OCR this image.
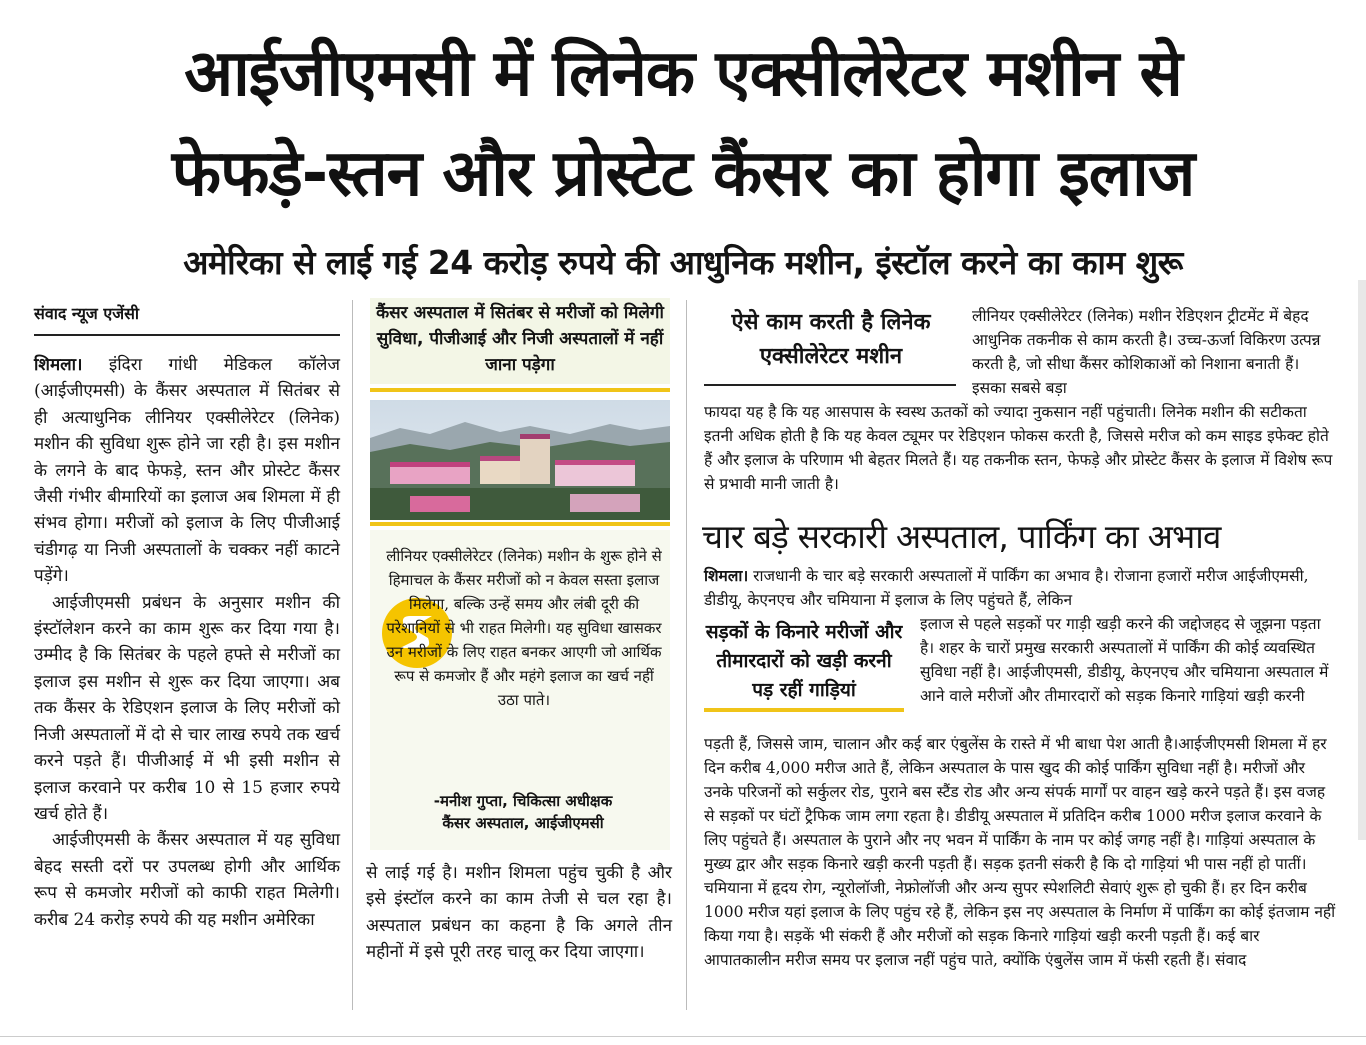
आईजीएमसी में लिनेक एक्सीलेरेटर मशीन से
फेफड़े-स्तन और प्रोस्टेट कैंसर का होगा इलाज
अमेरिका से लाई गई 24 करोड़ रुपये की आधुनिक मशीन, इंस्टॉल करने का काम शुरू
संवाद न्यूज एजेंसी

शिमला। इंदिरा गांधी मेडिकल कॉलेज (आईजीएमसी) के कैंसर अस्पताल में सितंबर से ही अत्याधुनिक लीनियर एक्सीलेरेटर (लिनेक) मशीन की सुविधा शुरू होने जा रही है। इस मशीन के लगने के बाद फेफड़े, स्तन और प्रोस्टेट कैंसर जैसी गंभीर बीमारियों का इलाज अब शिमला में ही संभव होगा। मरीजों को इलाज के लिए पीजीआई चंडीगढ़ या निजी अस्पतालों के चक्कर नहीं काटने पड़ेंगे।

आईजीएमसी प्रबंधन के अनुसार मशीन की इंस्टॉलेशन करने का काम शुरू कर दिया गया है। उम्मीद है कि सितंबर के पहले हफ्ते से मरीजों का इलाज इस मशीन से शुरू कर दिया जाएगा। अब तक कैंसर के रेडिएशन इलाज के लिए मरीजों को निजी अस्पतालों में दो से चार लाख रुपये तक खर्च करने पड़ते हैं। पीजीआई में भी इसी मशीन से इलाज करवाने पर करीब 10 से 15 हजार रुपये खर्च होते हैं।

आईजीएमसी के कैंसर अस्पताल में यह सुविधा बेहद सस्ती दरों पर उपलब्ध होगी और आर्थिक रूप से कमजोर मरीजों को काफी राहत मिलेगी। करीब 24 करोड़ रुपये की यह मशीन अमेरिका

कैंसर अस्पताल में सितंबर से मरीजों को मिलेगी सुविधा, पीजीआई और निजी अस्पतालों में नहीं जाना पड़ेगा
लीनियर एक्सीलेरेटर (लिनेक) मशीन के शुरू होने से हिमाचल के कैंसर मरीजों को न केवल सस्ता इलाज मिलेगा, बल्कि उन्हें समय और लंबी दूरी की परेशानियों से भी राहत मिलेगी। यह सुविधा खासकर उन मरीजों के लिए राहत बनकर आएगी जो आर्थिक रूप से कमजोर हैं और महंगे इलाज का खर्च नहीं उठा पाते।
-मनीश गुप्ता, चिकित्सा अधीक्षक
कैंसर अस्पताल, आईजीएमसी

से लाई गई है। मशीन शिमला पहुंच चुकी है और इसे इंस्टॉल करने का काम तेजी से चल रहा है। अस्पताल प्रबंधन का कहना है कि अगले तीन महीनों में इसे पूरी तरह चालू कर दिया जाएगा।

ऐसे काम करती है लिनेक एक्सीलेरेटर मशीन

लीनियर एक्सीलेरेटर (लिनेक) मशीन रेडिएशन ट्रीटमेंट में बेहद आधुनिक तकनीक से काम करती है। उच्च-ऊर्जा विकिरण उत्पन्न करती है, जो सीधा कैंसर कोशिकाओं को निशाना बनाती हैं। इसका सबसे बड़ा

फायदा यह है कि यह आसपास के स्वस्थ ऊतकों को ज्यादा नुकसान नहीं पहुंचाती। लिनेक मशीन की सटीकता इतनी अधिक होती है कि यह केवल ट्यूमर पर रेडिएशन फोकस करती है, जिससे मरीज को कम साइड इफेक्ट होते हैं और इलाज के परिणाम भी बेहतर मिलते हैं। यह तकनीक स्तन, फेफड़े और प्रोस्टेट कैंसर के इलाज में विशेष रूप से प्रभावी मानी जाती है।

चार बड़े सरकारी अस्पताल, पार्किंग का अभाव

शिमला। राजधानी के चार बड़े सरकारी अस्पतालों में पार्किंग का अभाव है। रोजाना हजारों मरीज आईजीएमसी, डीडीयू, केएनएच और चमियाना में इलाज के लिए पहुंचते हैं, लेकिन

सड़कों के किनारे मरीजों और तीमारदारों को खड़ी करनी पड़ रहीं गाड़ियां

इलाज से पहले सड़कों पर गाड़ी खड़ी करने की जद्दोजहद से जूझना पड़ता है। शहर के चारों प्रमुख सरकारी अस्पतालों में पार्किंग की कोई व्यवस्थित सुविधा नहीं है। आईजीएमसी, डीडीयू, केएनएच और चमियाना अस्पताल में आने वाले मरीजों और तीमारदारों को सड़क किनारे गाड़ियां खड़ी करनी

पड़ती हैं, जिससे जाम, चालान और कई बार एंबुलेंस के रास्ते में भी बाधा पेश आती है।आईजीएमसी शिमला में हर दिन करीब 4,000 मरीज आते हैं, लेकिन अस्पताल के पास खुद की कोई पार्किंग सुविधा नहीं है। मरीजों और उनके परिजनों को सर्कुलर रोड, पुराने बस स्टैंड रोड और अन्य संपर्क मार्गों पर वाहन खड़े करने पड़ते हैं। इस वजह से सड़कों पर घंटों ट्रैफिक जाम लगा रहता है। डीडीयू अस्पताल में प्रतिदिन करीब 1000 मरीज इलाज करवाने के लिए पहुंचते हैं। अस्पताल के पुराने और नए भवन में पार्किंग के नाम पर कोई जगह नहीं है। गाड़ियां अस्पताल के मुख्य द्वार और सड़क किनारे खड़ी करनी पड़ती हैं। सड़क इतनी संकरी है कि दो गाड़ियां भी पास नहीं हो पातीं। चमियाना में हृदय रोग, न्यूरोलॉजी, नेफ्रोलॉजी और अन्य सुपर स्पेशलिटी सेवाएं शुरू हो चुकी हैं। हर दिन करीब 1000 मरीज यहां इलाज के लिए पहुंच रहे हैं, लेकिन इस नए अस्पताल के निर्माण में पार्किंग का कोई इंतजाम नहीं किया गया है। सड़कें भी संकरी हैं और मरीजों को सड़क किनारे गाड़ियां खड़ी करनी पड़ती हैं। कई बार आपातकालीन मरीज समय पर इलाज नहीं पहुंच पाते, क्योंकि एंबुलेंस जाम में फंसी रहती हैं। संवाद
